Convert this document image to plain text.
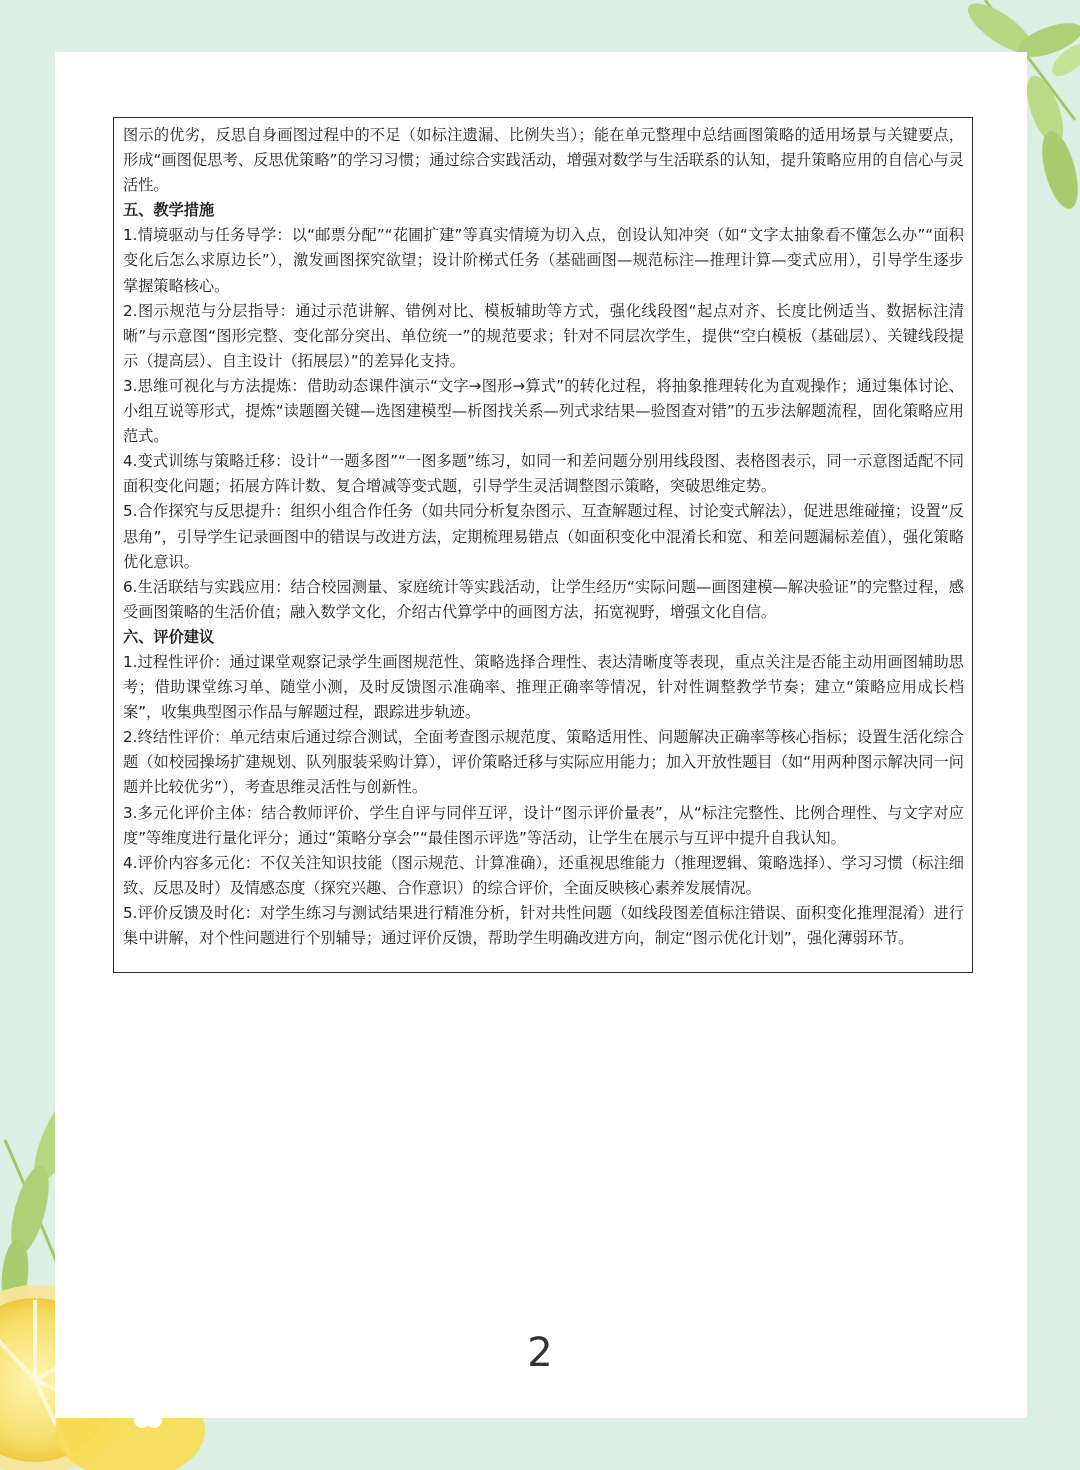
图示的优劣，反思自身画图过程中的不足（如标注遗漏、比例失当）；能在单元整理中总结画图策略的适用场景与关键要点，形成“画图促思考、反思优策略”的学习习惯；通过综合实践活动，增强对数学与生活联系的认知，提升策略应用的自信心与灵活性。

五、教学措施

1.情境驱动与任务导学：以“邮票分配”“花圃扩建”等真实情境为切入点，创设认知冲突（如“文字太抽象看不懂怎么办”“面积变化后怎么求原边长”），激发画图探究欲望；设计阶梯式任务（基础画图—规范标注—推理计算—变式应用），引导学生逐步掌握策略核心。

2.图示规范与分层指导：通过示范讲解、错例对比、模板辅助等方式，强化线段图“起点对齐、长度比例适当、数据标注清晰”与示意图“图形完整、变化部分突出、单位统一”的规范要求；针对不同层次学生，提供“空白模板（基础层）、关键线段提示（提高层）、自主设计（拓展层）”的差异化支持。

3.思维可视化与方法提炼：借助动态课件演示“文字→图形→算式”的转化过程，将抽象推理转化为直观操作；通过集体讨论、小组互说等形式，提炼“读题圈关键—选图建模型—析图找关系—列式求结果—验图查对错”的五步法解题流程，固化策略应用范式。

4.变式训练与策略迁移：设计“一题多图”“一图多题”练习，如同一和差问题分别用线段图、表格图表示，同一示意图适配不同面积变化问题；拓展方阵计数、复合增减等变式题，引导学生灵活调整图示策略，突破思维定势。

5.合作探究与反思提升：组织小组合作任务（如共同分析复杂图示、互查解题过程、讨论变式解法），促进思维碰撞；设置“反思角”，引导学生记录画图中的错误与改进方法，定期梳理易错点（如面积变化中混淆长和宽、和差问题漏标差值），强化策略优化意识。

6.生活联结与实践应用：结合校园测量、家庭统计等实践活动，让学生经历“实际问题—画图建模—解决验证”的完整过程，感受画图策略的生活价值；融入数学文化，介绍古代算学中的画图方法，拓宽视野，增强文化自信。

六、评价建议

1.过程性评价：通过课堂观察记录学生画图规范性、策略选择合理性、表达清晰度等表现，重点关注是否能主动用画图辅助思考；借助课堂练习单、随堂小测，及时反馈图示准确率、推理正确率等情况，针对性调整教学节奏；建立“策略应用成长档案”，收集典型图示作品与解题过程，跟踪进步轨迹。

2.终结性评价：单元结束后通过综合测试，全面考查图示规范度、策略适用性、问题解决正确率等核心指标；设置生活化综合题（如校园操场扩建规划、队列服装采购计算），评价策略迁移与实际应用能力；加入开放性题目（如“用两种图示解决同一问题并比较优劣”），考查思维灵活性与创新性。

3.多元化评价主体：结合教师评价、学生自评与同伴互评，设计“图示评价量表”，从“标注完整性、比例合理性、与文字对应度”等维度进行量化评分；通过“策略分享会”“最佳图示评选”等活动，让学生在展示与互评中提升自我认知。

4.评价内容多元化：不仅关注知识技能（图示规范、计算准确），还重视思维能力（推理逻辑、策略选择）、学习习惯（标注细致、反思及时）及情感态度（探究兴趣、合作意识）的综合评价，全面反映核心素养发展情况。

5.评价反馈及时化：对学生练习与测试结果进行精准分析，针对共性问题（如线段图差值标注错误、面积变化推理混淆）进行集中讲解，对个性问题进行个别辅导；通过评价反馈，帮助学生明确改进方向，制定“图示优化计划”，强化薄弱环节。

2
